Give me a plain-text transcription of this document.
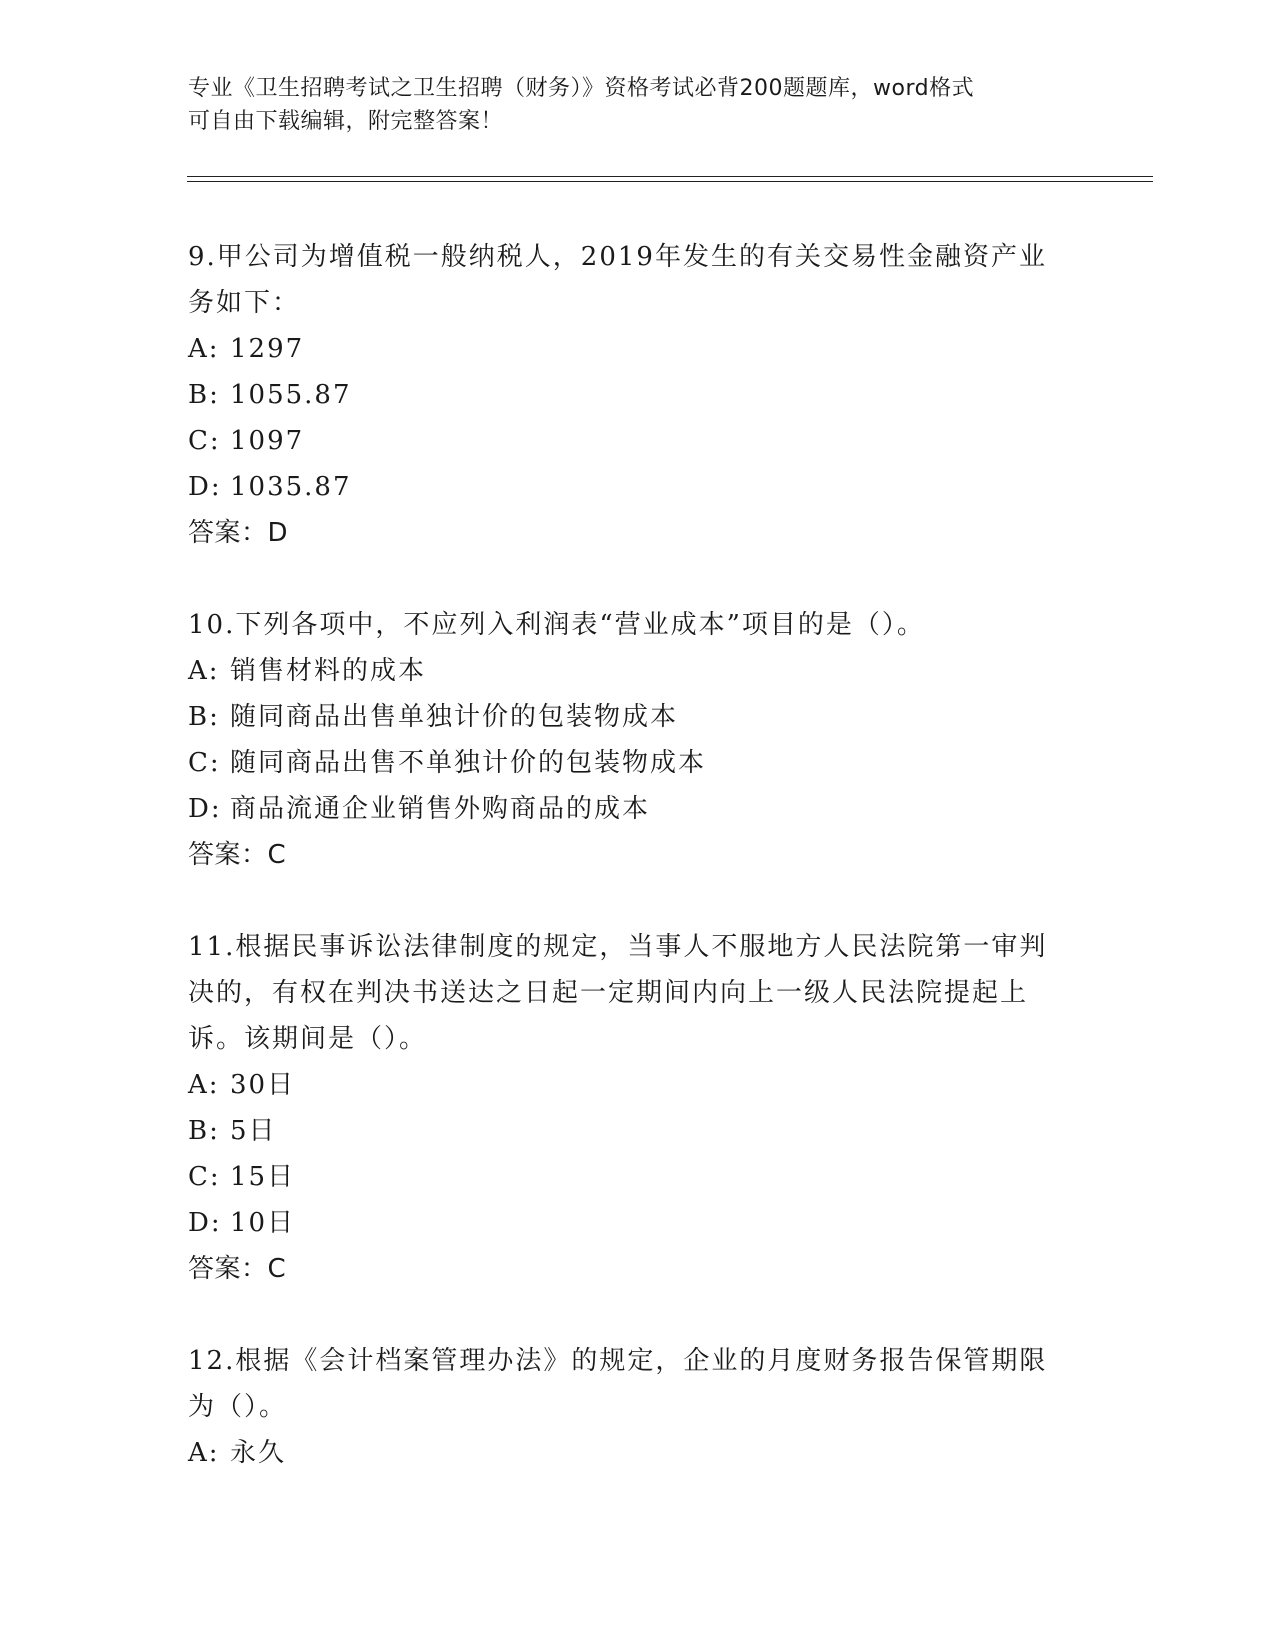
专业《卫生招聘考试之卫生招聘（财务）》资格考试必背200题题库，word格式
可自由下载编辑，附完整答案！
9.甲公司为增值税一般纳税人，2019年发生的有关交易性金融资产业
务如下：
A: 1297
B: 1055.87
C: 1097
D: 1035.87
答案：D
10.下列各项中，不应列入利润表“营业成本”项目的是（）。
A: 销售材料的成本
B: 随同商品出售单独计价的包装物成本
C: 随同商品出售不单独计价的包装物成本
D: 商品流通企业销售外购商品的成本
答案：C
11.根据民事诉讼法律制度的规定，当事人不服地方人民法院第一审判
决的，有权在判决书送达之日起一定期间内向上一级人民法院提起上
诉。该期间是（）。
A: 30日
B: 5日
C: 15日
D: 10日
答案：C
12.根据《会计档案管理办法》的规定，企业的月度财务报告保管期限
为（）。
A: 永久
